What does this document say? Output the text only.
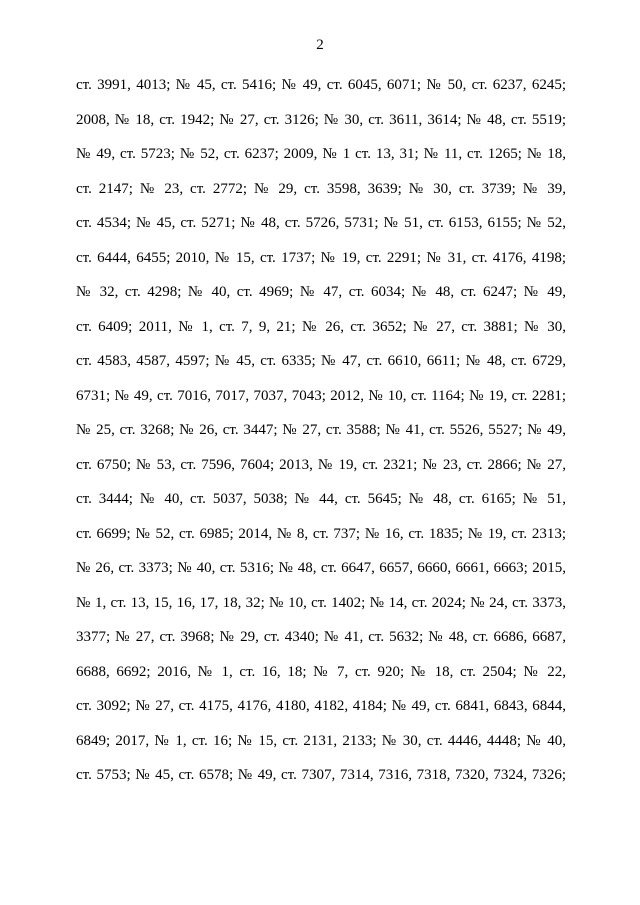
2
ст. 3991, 4013; № 45, ст. 5416; № 49, ст. 6045, 6071; № 50, ст. 6237, 6245;
2008, № 18, ст. 1942; № 27, ст. 3126; № 30, ст. 3611, 3614; № 48, ст. 5519;
№ 49, ст. 5723; № 52, ст. 6237; 2009, № 1 ст. 13, 31; № 11, ст. 1265; № 18,
ст. 2147; № 23, ст. 2772; № 29, ст. 3598, 3639; № 30, ст. 3739; № 39,
ст. 4534; № 45, ст. 5271; № 48, ст. 5726, 5731; № 51, ст. 6153, 6155; № 52,
ст. 6444, 6455; 2010, № 15, ст. 1737; № 19, ст. 2291; № 31, ст. 4176, 4198;
№ 32, ст. 4298; № 40, ст. 4969; № 47, ст. 6034; № 48, ст. 6247; № 49,
ст. 6409; 2011, № 1, ст. 7, 9, 21; № 26, ст. 3652; № 27, ст. 3881; № 30,
ст. 4583, 4587, 4597; № 45, ст. 6335; № 47, ст. 6610, 6611; № 48, ст. 6729,
6731; № 49, ст. 7016, 7017, 7037, 7043; 2012, № 10, ст. 1164; № 19, ст. 2281;
№ 25, ст. 3268; № 26, ст. 3447; № 27, ст. 3588; № 41, ст. 5526, 5527; № 49,
ст. 6750; № 53, ст. 7596, 7604; 2013, № 19, ст. 2321; № 23, ст. 2866; № 27,
ст. 3444; № 40, ст. 5037, 5038; № 44, ст. 5645; № 48, ст. 6165; № 51,
ст. 6699; № 52, ст. 6985; 2014, № 8, ст. 737; № 16, ст. 1835; № 19, ст. 2313;
№ 26, ст. 3373; № 40, ст. 5316; № 48, ст. 6647, 6657, 6660, 6661, 6663; 2015,
№ 1, ст. 13, 15, 16, 17, 18, 32; № 10, ст. 1402; № 14, ст. 2024; № 24, ст. 3373,
3377; № 27, ст. 3968; № 29, ст. 4340; № 41, ст. 5632; № 48, ст. 6686, 6687,
6688, 6692; 2016, № 1, ст. 16, 18; № 7, ст. 920; № 18, ст. 2504; № 22,
ст. 3092; № 27, ст. 4175, 4176, 4180, 4182, 4184; № 49, ст. 6841, 6843, 6844,
6849; 2017, № 1, ст. 16; № 15, ст. 2131, 2133; № 30, ст. 4446, 4448; № 40,
ст. 5753; № 45, ст. 6578; № 49, ст. 7307, 7314, 7316, 7318, 7320, 7324, 7326;
